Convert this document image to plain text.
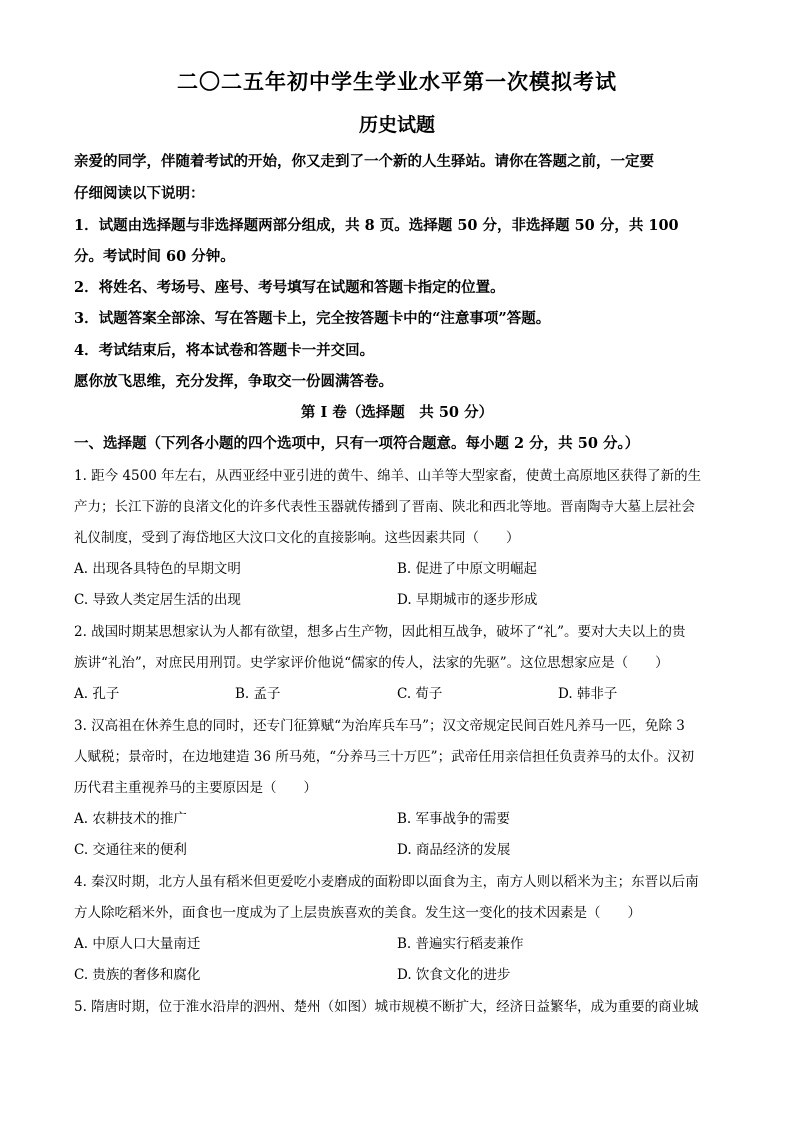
二〇二五年初中学生学业水平第一次模拟考试
历史试题
亲爱的同学，伴随着考试的开始，你又走到了一个新的人生驿站。请你在答题之前，一定要
仔细阅读以下说明：
1．试题由选择题与非选择题两部分组成，共 8 页。选择题 50 分，非选择题 50 分，共 100
分。考试时间 60 分钟。
2．将姓名、考场号、座号、考号填写在试题和答题卡指定的位置。
3．试题答案全部涂、写在答题卡上，完全按答题卡中的“注意事项”答题。
4．考试结束后，将本试卷和答题卡一并交回。
愿你放飞思维，充分发挥，争取交一份圆满答卷。
第 I 卷（选择题　共 50 分）
一、选择题（下列各小题的四个选项中，只有一项符合题意。每小题 2 分，共 50 分。）
1. 距今 4500 年左右，从西亚经中亚引进的黄牛、绵羊、山羊等大型家畜，使黄土高原地区获得了新的生
产力；长江下游的良渚文化的许多代表性玉器就传播到了晋南、陕北和西北等地。晋南陶寺大墓上层社会
礼仪制度，受到了海岱地区大汶口文化的直接影响。这些因素共同（　　）
A. 出现各具特色的早期文明	B. 促进了中原文明崛起
C. 导致人类定居生活的出现	D. 早期城市的逐步形成
2. 战国时期某思想家认为人都有欲望，想多占生产物，因此相互战争，破坏了“礼”。要对大夫以上的贵
族讲“礼治”，对庶民用刑罚。史学家评价他说“儒家的传人，法家的先驱”。这位思想家应是（　　）
A. 孔子	B. 孟子	C. 荀子	D. 韩非子
3. 汉高祖在休养生息的同时，还专门征算赋“为治库兵车马”；汉文帝规定民间百姓凡养马一匹，免除 3
人赋税；景帝时，在边地建造 36 所马苑，“分养马三十万匹”；武帝任用亲信担任负责养马的太仆。汉初
历代君主重视养马的主要原因是（　　）
A. 农耕技术的推广	B. 军事战争的需要
C. 交通往来的便利	D. 商品经济的发展
4. 秦汉时期，北方人虽有稻米但更爱吃小麦磨成的面粉即以面食为主，南方人则以稻米为主；东晋以后南
方人除吃稻米外，面食也一度成为了上层贵族喜欢的美食。发生这一变化的技术因素是（　　）
A. 中原人口大量南迁	B. 普遍实行稻麦兼作
C. 贵族的奢侈和腐化	D. 饮食文化的进步
5. 隋唐时期，位于淮水沿岸的泗州、楚州（如图）城市规模不断扩大，经济日益繁华，成为重要的商业城
